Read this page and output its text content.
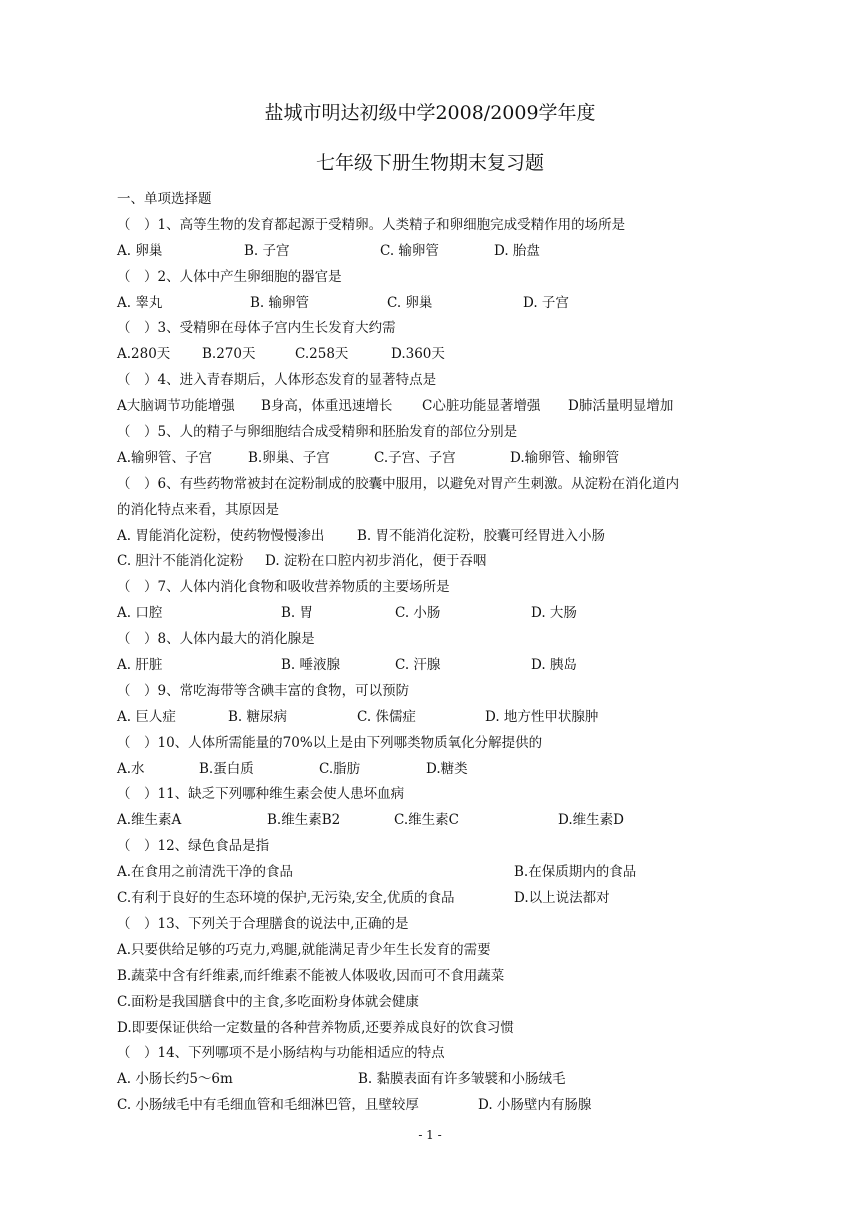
盐城市明达初级中学2008/2009学年度
七年级下册生物期末复习题
一、单项选择题
（　）1、高等生物的发育都起源于受精卵。人类精子和卵细胞完成受精作用的场所是
A. 卵巢	B. 子宫	C. 输卵管	D. 胎盘
（　）2、人体中产生卵细胞的器官是
A. 睾丸	B. 输卵管	C. 卵巢	D. 子宫
（　）3、受精卵在母体子宫内生长发育大约需
A.280天 B.270天	C.258天	D.360天
（　）4、进入青春期后，人体形态发育的显著特点是
A大脑调节功能增强 B身高，体重迅速增长 C心脏功能显著增强 D肺活量明显增加
（　）5、人的精子与卵细胞结合成受精卵和胚胎发育的部位分别是
A.输卵管、子宫	B.卵巢、子宫	C.子宫、子宫	D.输卵管、输卵管
（　）6、有些药物常被封在淀粉制成的胶囊中服用，以避免对胃产生刺激。从淀粉在消化道内
的消化特点来看，其原因是
A. 胃能消化淀粉，使药物慢慢渗出 B. 胃不能消化淀粉，胶囊可经胃进入小肠
C. 胆汁不能消化淀粉 D. 淀粉在口腔内初步消化，便于吞咽
（　）7、人体内消化食物和吸收营养物质的主要场所是
A. 口腔	B. 胃	C. 小肠	D. 大肠
（　）8、人体内最大的消化腺是
A. 肝脏	B. 唾液腺	C. 汗腺	D. 胰岛
（　）9、常吃海带等含碘丰富的食物，可以预防
A. 巨人症	B. 糖尿病	C. 侏儒症	D. 地方性甲状腺肿
（　）10、人体所需能量的70%以上是由下列哪类物质氧化分解提供的
A.水	B.蛋白质	C.脂肪	D.糖类
（　）11、缺乏下列哪种维生素会使人患坏血病
A.维生素A	B.维生素B2	C.维生素C	D.维生素D
（　）12、绿色食品是指
A.在食用之前清洗干净的食品	B.在保质期内的食品
C.有利于良好的生态环境的保护,无污染,安全,优质的食品	D.以上说法都对
（　）13、下列关于合理膳食的说法中,正确的是
A.只要供给足够的巧克力,鸡腿,就能满足青少年生长发育的需要
B.蔬菜中含有纤维素,而纤维素不能被人体吸收,因而可不食用蔬菜
C.面粉是我国膳食中的主食,多吃面粉身体就会健康
D.即要保证供给一定数量的各种营养物质,还要养成良好的饮食习惯
（　）14、下列哪项不是小肠结构与功能相适应的特点
A. 小肠长约5～6m	B. 黏膜表面有许多皱襞和小肠绒毛
C. 小肠绒毛中有毛细血管和毛细淋巴管，且壁较厚	D. 小肠壁内有肠腺
- 1 -
